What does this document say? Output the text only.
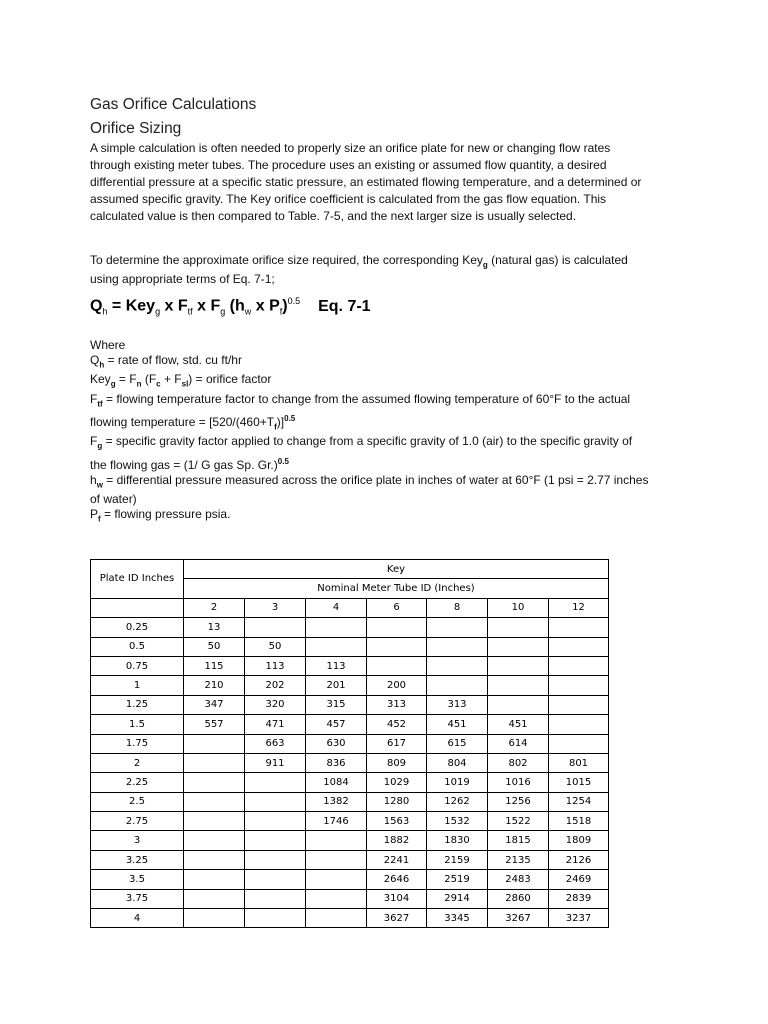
Gas Orifice Calculations
Orifice Sizing

A simple calculation is often needed to properly size an orifice plate for new or changing flow rates through existing meter tubes. The procedure uses an existing or assumed flow quantity, a desired differential pressure at a specific static pressure, an estimated flowing temperature, and a determined or assumed specific gravity. The Key orifice coefficient is calculated from the gas flow equation. This calculated value is then compared to Table. 7-5, and the next larger size is usually selected.

To determine the approximate orifice size required, the corresponding Key$_g$ (natural gas) is calculated using appropriate terms of Eq. 7-1;

$Q_h = Key_g$ x $F_{tf}$ x $F_g$ ($h_w$ x $P_f)^{0.5}$ Eq. 7-1
Where
$Q_h$ = rate of flow, std. cu ft/hr
$Key_g = F_n$ $(F_c + F_{sl})$ = orifice factor
$F_{tf}$ = flowing temperature factor to change from the assumed flowing temperature of 60°F to the actual flowing temperature = $[520/(460+T_f)]^{0.5}$
$F_g$ = specific gravity factor applied to change from a specific gravity of 1.0 (air) to the specific gravity of the flowing gas = (1/ G gas Sp. Gr.)$^{0.5}$
$h_w$ = differential pressure measured across the orifice plate in inches of water at 60°F (1 psi = 2.77 inches of water)
$P_f$ = flowing pressure psia.
Plate ID Inches	Key						
	Nominal Meter Tube ID (Inches)						
	2	3	4	6	8	10	12
0.25	13						
0.5	50	50					
0.75	115	113	113				
1	210	202	201	200			
1.25	347	320	315	313	313		
1.5	557	471	457	452	451	451	
1.75		663	630	617	615	614	
2		911	836	809	804	802	801
2.25			1084	1029	1019	1016	1015
2.5			1382	1280	1262	1256	1254
2.75			1746	1563	1532	1522	1518
3				1882	1830	1815	1809
3.25				2241	2159	2135	2126
3.5				2646	2519	2483	2469
3.75				3104	2914	2860	2839
4				3627	3345	3267	3237
